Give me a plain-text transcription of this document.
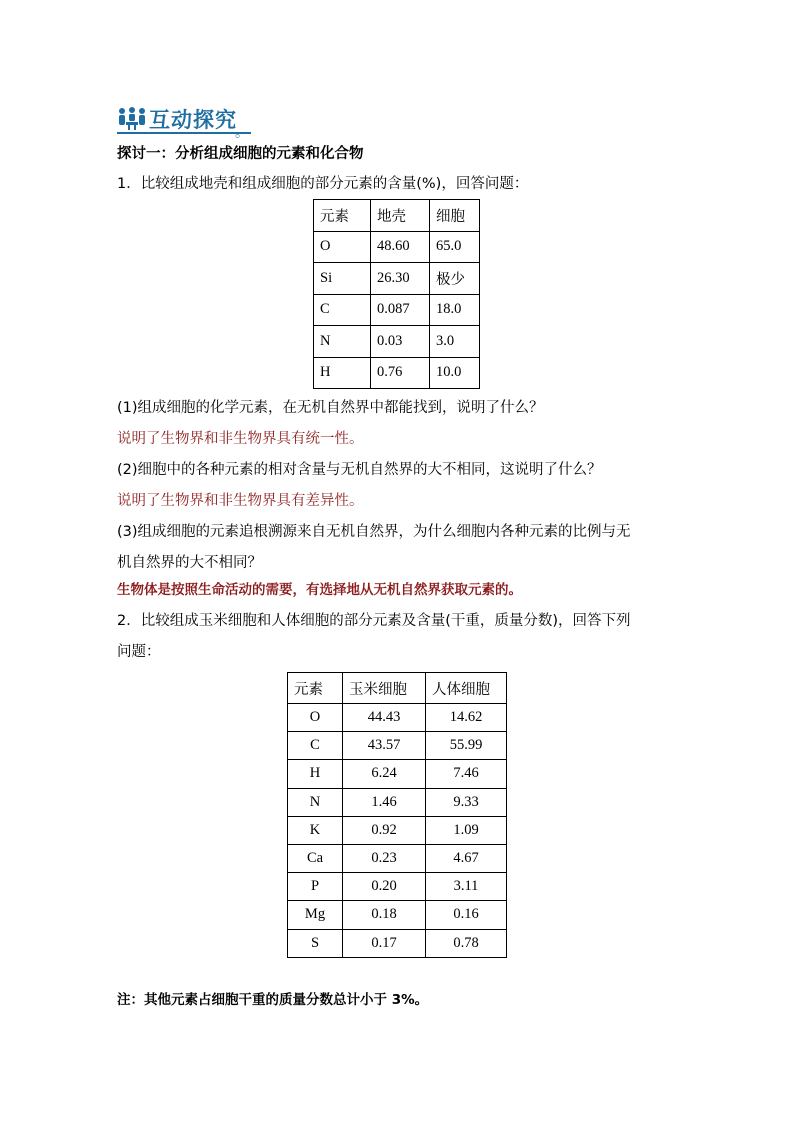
互动探究
探讨一：分析组成细胞的元素和化合物
1．比较组成地壳和组成细胞的部分元素的含量(%)，回答问题：
元素	地壳	细胞
O	48.60	65.0
Si	26.30	极少
C	0.087	18.0
N	0.03	3.0
H	0.76	10.0
(1)组成细胞的化学元素，在无机自然界中都能找到，说明了什么？
说明了生物界和非生物界具有统一性。
(2)细胞中的各种元素的相对含量与无机自然界的大不相同，这说明了什么？
说明了生物界和非生物界具有差异性。
(3)组成细胞的元素追根溯源来自无机自然界，为什么细胞内各种元素的比例与无
机自然界的大不相同？
生物体是按照生命活动的需要，有选择地从无机自然界获取元素的。
2．比较组成玉米细胞和人体细胞的部分元素及含量(干重，质量分数)，回答下列
问题：
元素	玉米细胞	人体细胞
O	44.43	14.62
C	43.57	55.99
H	6.24	7.46
N	1.46	9.33
K	0.92	1.09
Ca	0.23	4.67
P	0.20	3.11
Mg	0.18	0.16
S	0.17	0.78
注：其他元素占细胞干重的质量分数总计小于 3%。
